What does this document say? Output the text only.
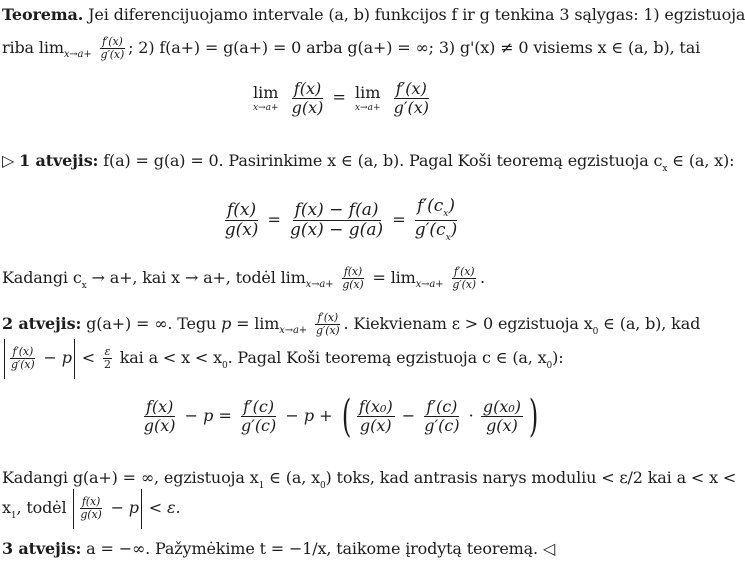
Teorema. Jei diferencijuojamo intervale (a, b) funkcijos f ir g tenkina 3 sąlygas: 1) egzistuoja
riba $\lim_{x\to a+} \frac{f'(x)}{g'(x)}$ ; 2) f(a+) = g(a+) = 0 arba g(a+) = ∞; 3) g'(x) ≠ 0 visiems x ∈ (a, b), tai
lim
x→a+
$\frac{f(x)}{g(x)} = \lim$
x→a+
$\frac{f'(x)}{g'(x)}$
▷ 1 atvejis: f(a) = g(a) = 0. Pasirinkime x ∈ (a, b). Pagal Koši teoremą egzistuoja $c_x$ ∈ (a, x):
$\frac{f(x)}{g(x)} = \frac{f(x) - f(a)}{g(x) - g(a)} = \frac{f'(c_x)}{g'(c_x)}$
Kadangi $c_x \to a+$, kai x → a+, todėl $\lim_{x\to a+} \frac{f(x)}{g(x)} = \lim_{x\to a+} \frac{f'(x)}{g'(x)}$ .
2 atvejis: g(a+) = ∞. Tegu $p = \lim_{x\to a+} \frac{f'(x)}{g'(x)}$ . Kiekvienam ε > 0 egzistuoja $x_0$ ∈ (a, b), kad
$\frac{f'(x)}{g'(x)} - p < \frac{\varepsilon}{2}$ kai $a < x < x_0$. Pagal Koši teoremą egzistuoja c ∈ (a, $x_0$):
$\frac{f(x)}{g(x)} - p = \frac{f'(c)}{g'(c)} - p$ + ( $\frac{\text{f(x₀)}}{g(x)} - \frac{f'(c)}{g'(c)} \cdot \frac{\text{g(x₀)}}{g(x)}$ )
Kadangi g(a+) = ∞, egzistuoja $x_1$ ∈ (a, $x_0$) toks, kad antrasis narys moduliu < ε/2 kai a < x <
$x_1$, todėl $\frac{f(x)}{g(x)} - p < \varepsilon$.
3 atvejis: a = −∞. Pažymėkime t = −1/x, taikome įrodytą teoremą. ◁
